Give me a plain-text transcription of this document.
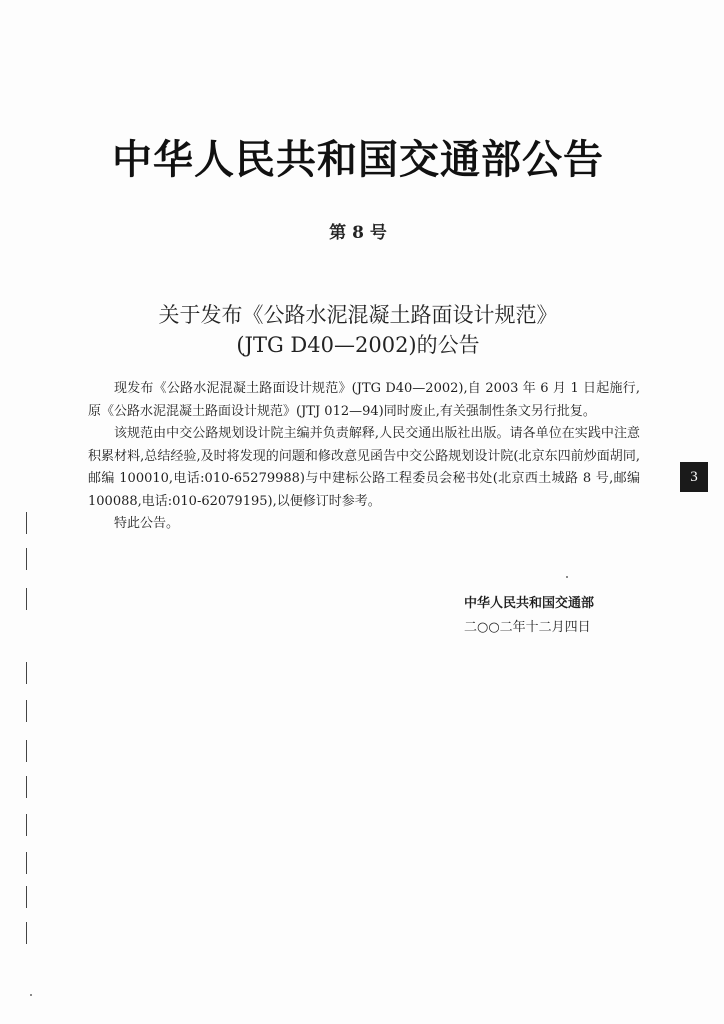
中华人民共和国交通部公告
第 8 号
关于发布《公路水泥混凝土路面设计规范》
(JTG D40—2002)的公告

现发布《公路水泥混凝土路面设计规范》(JTG D40—2002),自 2003 年 6 月 1 日起施行,原《公路水泥混凝土路面设计规范》(JTJ 012—94)同时废止,有关强制性条文另行批复。

该规范由中交公路规划设计院主编并负责解释,人民交通出版社出版。请各单位在实践中注意积累材料,总结经验,及时将发现的问题和修改意见函告中交公路规划设计院(北京东四前炒面胡同,邮编 100010,电话:010-65279988)与中建标公路工程委员会秘书处(北京西土城路 8 号,邮编 100088,电话:010-62079195),以便修订时参考。

特此公告。

中华人民共和国交通部
二○○二年十二月四日
3
